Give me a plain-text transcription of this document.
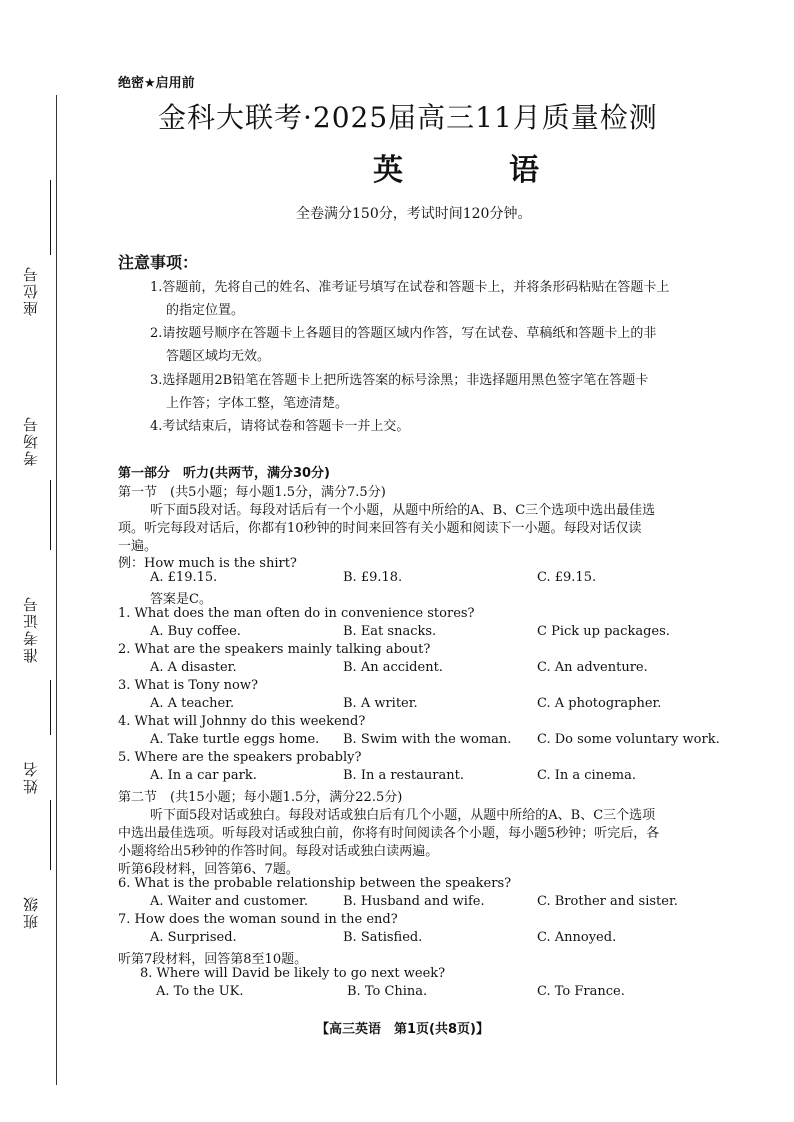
座位号
考场号
准考证号
姓名
班级
绝密★启用前
金科大联考·2025届高三11月质量检测
英　语
全卷满分150分，考试时间120分钟。
注意事项：
1.答题前，先将自己的姓名、准考证号填写在试卷和答题卡上，并将条形码粘贴在答题卡上
的指定位置。
2.请按题号顺序在答题卡上各题目的答题区域内作答，写在试卷、草稿纸和答题卡上的非
答题区域均无效。
3.选择题用2B铅笔在答题卡上把所选答案的标号涂黑；非选择题用黑色签字笔在答题卡
上作答；字体工整，笔迹清楚。
4.考试结束后，请将试卷和答题卡一并上交。
第一部分　听力(共两节，满分30分)
第一节　(共5小题；每小题1.5分，满分7.5分)
听下面5段对话。每段对话后有一个小题，从题中所给的A、B、C三个选项中选出最佳选
项。听完每段对话后，你都有10秒钟的时间来回答有关小题和阅读下一小题。每段对话仅读
一遍。
例：How much is the shirt?
A. £19.15.	B. £9.18.	C. £9.15.
答案是C。
1. What does the man often do in convenience stores?
A. Buy coffee.	B. Eat snacks.	C Pick up packages.
2. What are the speakers mainly talking about?
A. A disaster.	B. An accident.	C. An adventure.
3. What is Tony now?
A. A teacher.	B. A writer.	C. A photographer.
4. What will Johnny do this weekend?
A. Take turtle eggs home. B. Swim with the woman. C. Do some voluntary work.
5. Where are the speakers probably?
A. In a car park.	B. In a restaurant.	C. In a cinema.
第二节　(共15小题；每小题1.5分，满分22.5分)
听下面5段对话或独白。每段对话或独白后有几个小题，从题中所给的A、B、C三个选项
中选出最佳选项。听每段对话或独白前，你将有时间阅读各个小题，每小题5秒钟；听完后，各
小题将给出5秒钟的作答时间。每段对话或独白读两遍。
听第6段材料，回答第6、7题。
6. What is the probable relationship between the speakers?
A. Waiter and customer.	B. Husband and wife.	C. Brother and sister.
7. How does the woman sound in the end?
A. Surprised.	B. Satisfied.	C. Annoyed.
听第7段材料，回答第8至10题。
8. Where will David be likely to go next week?
A. To the UK.	B. To China.	C. To France.
【高三英语　第1页(共8页)】
